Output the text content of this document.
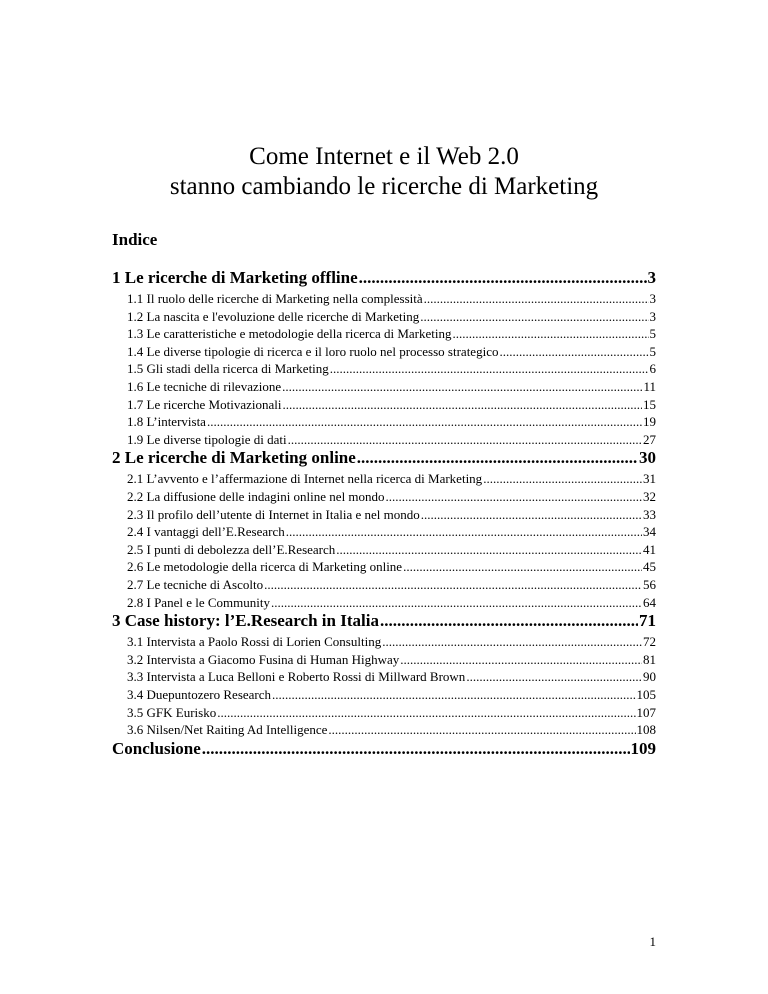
Come Internet e il Web 2.0
stanno cambiando le ricerche di Marketing
Indice
1 Le ricerche di Marketing offline .....	3
1.1 Il ruolo delle ricerche di Marketing nella complessità .....	3
1.2 La nascita e l'evoluzione delle ricerche di Marketing .....	3
1.3 Le caratteristiche e metodologie della ricerca di Marketing .....	5
1.4 Le diverse tipologie di ricerca e il loro ruolo nel processo strategico .....	5
1.5 Gli stadi della ricerca di Marketing .....	6
1.6 Le tecniche di rilevazione .....	11
1.7 Le ricerche Motivazionali .....	15
1.8 L’intervista .....	19
1.9 Le diverse tipologie di dati .....	27
2 Le ricerche di Marketing online .....	30
2.1 L’avvento e l’affermazione di Internet nella ricerca di Marketing .....	31
2.2 La diffusione delle indagini online nel mondo .....	32
2.3 Il profilo dell’utente di Internet in Italia e nel mondo .....	33
2.4 I vantaggi dell’E.Research .....	34
2.5 I punti di debolezza dell’E.Research .....	41
2.6 Le metodologie della ricerca di Marketing online .....	45
2.7 Le tecniche di Ascolto .....	56
2.8 I Panel e le Community .....	64
3 Case history: l’E.Research in Italia .....	71
3.1 Intervista a Paolo Rossi di Lorien Consulting .....	72
3.2 Intervista a Giacomo Fusina di Human Highway .....	81
3.3 Intervista a Luca Belloni e Roberto Rossi di Millward Brown .....	90
3.4 Duepuntozero Research .....	105
3.5 GFK Eurisko .....	107
3.6 Nilsen/Net Raiting Ad Intelligence .....	108
Conclusione .....	109
1
